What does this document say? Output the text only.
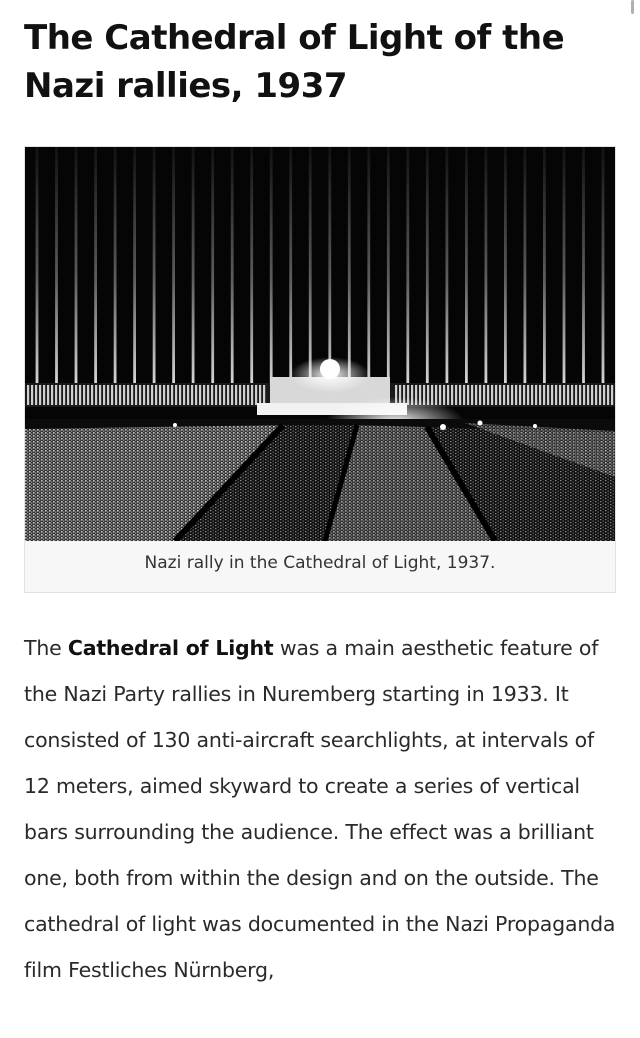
The Cathedral of Light of the Nazi rallies, 1937
Nazi rally in the Cathedral of Light, 1937.

The Cathedral of Light was a main aesthetic feature of the Nazi Party rallies in Nuremberg starting in 1933. It consisted of 130 anti-aircraft searchlights, at intervals of 12 meters, aimed skyward to create a series of vertical bars surrounding the audience. The effect was a brilliant one, both from within the design and on the outside. The cathedral of light was documented in the Nazi Propaganda film Festliches Nürnberg,
